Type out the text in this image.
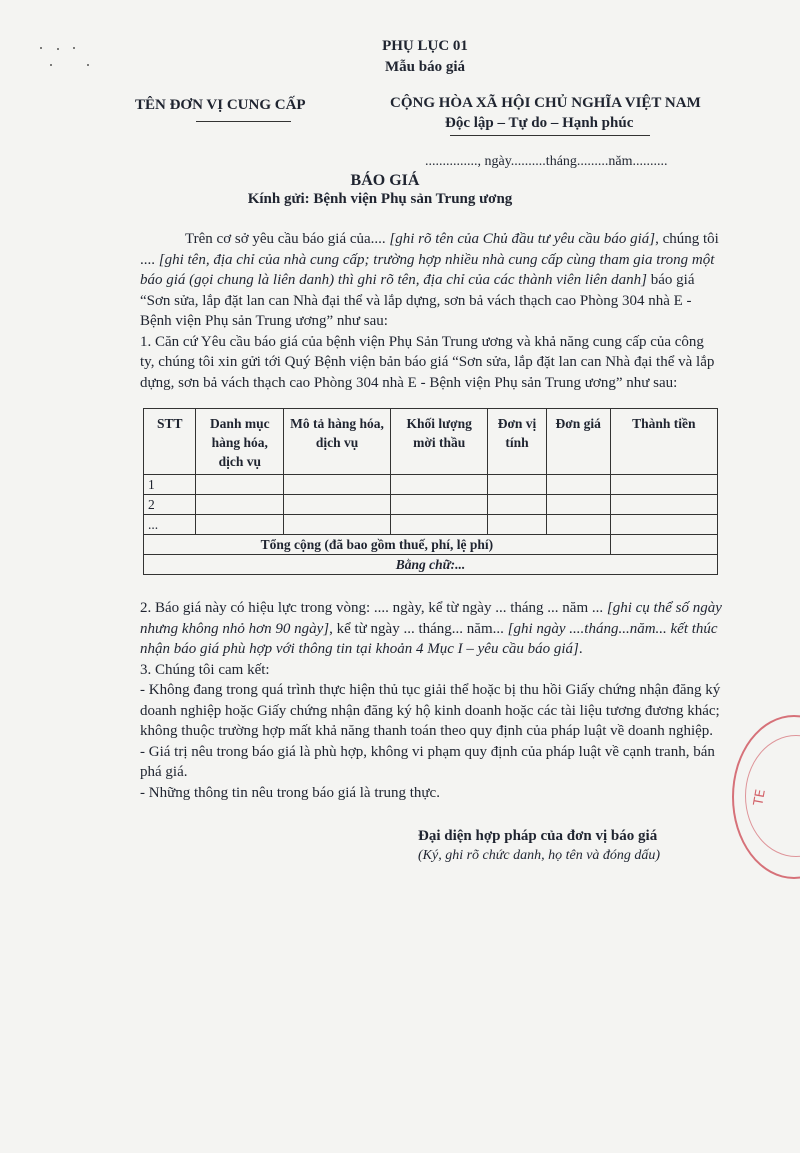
PHỤ LỤC 01
Mẫu báo giá
TÊN ĐƠN VỊ CUNG CẤP	CỘNG HÒA XÃ HỘI CHỦ NGHĨA VIỆT NAM
Độc lập – Tự do – Hạnh phúc
..............., ngày..........tháng.........năm..........
BÁO GIÁ
Kính gửi: Bệnh viện Phụ sản Trung ương

Trên cơ sở yêu cầu báo giá của.... [ghi rõ tên của Chủ đầu tư yêu cầu báo giá], chúng tôi .... [ghi tên, địa chỉ của nhà cung cấp; trường hợp nhiều nhà cung cấp cùng tham gia trong một báo giá (gọi chung là liên danh) thì ghi rõ tên, địa chỉ của các thành viên liên danh] báo giá “Sơn sửa, lắp đặt lan can Nhà đại thể và lắp dựng, sơn bả vách thạch cao Phòng 304 nhà E - Bệnh viện Phụ sản Trung ương” như sau:

1. Căn cứ Yêu cầu báo giá của bệnh viện Phụ Sản Trung ương và khả năng cung cấp của công ty, chúng tôi xin gửi tới Quý Bệnh viện bản báo giá “Sơn sửa, lắp đặt lan can Nhà đại thể và lắp dựng, sơn bả vách thạch cao Phòng 304 nhà E - Bệnh viện Phụ sản Trung ương” như sau:

STT	Danh mục hàng hóa, dịch vụ	Mô tả hàng hóa, dịch vụ	Khối lượng mời thầu	Đơn vị tính	Đơn giá	Thành tiền
1						
2						
...						
Tổng cộng (đã bao gồm thuế, phí, lệ phí)						
Bằng chữ:...						

2. Báo giá này có hiệu lực trong vòng: .... ngày, kể từ ngày ... tháng ... năm ... [ghi cụ thể số ngày nhưng không nhỏ hơn 90 ngày], kể từ ngày ... tháng... năm... [ghi ngày ....tháng...năm... kết thúc nhận báo giá phù hợp với thông tin tại khoản 4 Mục I – yêu cầu báo giá].

3. Chúng tôi cam kết:

- Không đang trong quá trình thực hiện thủ tục giải thể hoặc bị thu hồi Giấy chứng nhận đăng ký doanh nghiệp hoặc Giấy chứng nhận đăng ký hộ kinh doanh hoặc các tài liệu tương đương khác; không thuộc trường hợp mất khả năng thanh toán theo quy định của pháp luật về doanh nghiệp.

- Giá trị nêu trong báo giá là phù hợp, không vi phạm quy định của pháp luật về cạnh tranh, bán phá giá.

- Những thông tin nêu trong báo giá là trung thực.

Đại diện hợp pháp của đơn vị báo giá
(Ký, ghi rõ chức danh, họ tên và đóng dấu)
TE
